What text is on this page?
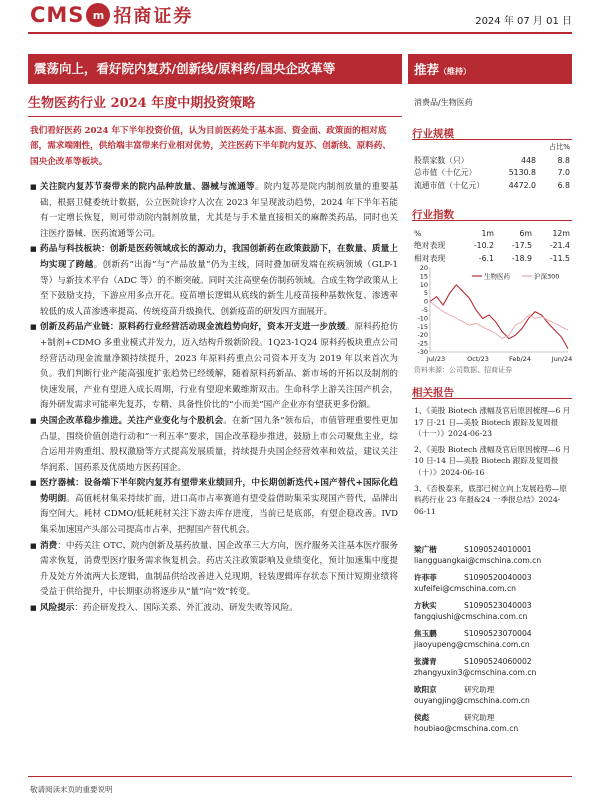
CMS m 招商证券	2024 年 07 月 01 日
震荡向上，看好院内复苏/创新线/原料药/国央企改革等	推荐（维持）
生物医药行业 2024 年度中期投资策略	消费品/生物医药
我们看好医药 2024 年下半年投资价值，认为目前医药处于基本面、资金面、政策面的相对底部，需求端刚性，供给端丰富带来行业相对优势，关注医药下半年院内复苏、创新线、原料药、国央企改革等板块。
■ 关注院内复苏节奏带来的院内品种放量、器械与流通等。院内复苏是院内制剂放量的重要基础，根据卫健委统计数据，公立医院诊疗人次在 2023 年呈现波动趋势，2024 年下半年若能有一定增长恢复，则可带动院内制剂放量，尤其是与手术量直接相关的麻醉类药品，同时也关注医疗器械、医药流通等公司。

■ 药品与科技板块：创新是医药领域成长的源动力，我国创新药在政策鼓励下，在数量、质量上均实现了跨越。创新药“出海”与“产品放量”仍为主线，同时叠加研发端在疾病领域（GLP-1 等）与新技术平台（ADC 等）的不断突破。同时关注高壁垒仿制药领域。合成生物学政策从上至下鼓励支持，下游应用多点开花。疫苗增长逻辑从底线的新生儿疫苗接种基数恢复、渗透率较低的成人苗渗透率提高、传统疫苗升级换代、创新疫苗的研发四方面展开。

■ 创新及药品产业链：原料药行业经营活动现金流趋势向好，资本开支进一步放缓。原料药抢仿+制剂+CDMO 多重业模式并发力，迈入结构升级新阶段。1Q23-1Q24 原料药板块重点公司经营活动现金流量净额持续提升，2023 年原料药重点公司资本开支为 2019 年以来首次为负。我们判断行业产能高强度扩张趋势已经缓解，随着原料药新品、新市场的开拓以及制剂的快速发展，产业有望进入成长周期，行业有望迎来戴维斯双击。生命科学上游关注国产机会，海外研发需求可能率先复苏，专精、具备性价比的“小而美”国产企业亦有望获更多份额。

■ 央国企改革稳步推进。关注产业变化与个股机会。在新“国九条”领布后，市值管理重要性更加凸显，围绕价值创造行动和“一利五率”要求，国企改革稳步推进，鼓励上市公司聚焦主业，综合运用并购重组、股权激励等方式提高发展质量，持续提升央国企经营效率和效益，建议关注华润系、国药系及优质地方医药国企。

■ 医疗器械：设备端下半年院内复苏有望带来业绩回升，中长期创新迭代+国产替代+国际化趋势明朗。高值耗材集采持续扩面，进口高市占率赛道有望受益借助集采实现国产替代，品牌出海空间大。耗材 CDMO/低耗耗材关注下游去库存进度，当前已是底部，有望企稳改善。IVD 集采加速国产头部公司提高市占率，把握国产替代机会。

■ 消费：中药关注 OTC、院内创新及基药放量、国企改革三大方向，医疗服务关注基本医疗服务需求恢复，消费型医疗服务需求恢复机会。药店关注政策影响及业绩变化，预计加速集中度提升及处方外流两大长逻辑，血制品供给改善进入兑现期，轻装逻辑库存状态下预计短期业绩将受益于供给提升，中长期驱动将逐步从“量”向“效”转变。

■ 风险提示：药企研发投入、国际关系、外汇波动、研发失败等风险。

行业规模
占比%
股票家数（只）	448	8.8
总市值（十亿元）	5130.8	7.0
流通市值（十亿元）	4472.0	6.8
行业指数
%	1m	6m	12m
绝对表现	-10.2	-17.5	-21.4
相对表现	-6.1	-18.9	-11.5
-30
-25
-20
-15
-10
-5
0
5
10
15
20
Jul/23	Oct/23	Feb/24	Jun/24
生物医药	沪深300
资料来源：公司数据、招商证券
相关报告
1、《美股 Biotech 涨幅及官后原因梳理—6 月 17 日-21 日—美股 Biotech 跟踪及复周报（十一）》2024-06-23
2、《美股 Biotech 涨幅及官后原因梳理—6 月 10 日-14 日—美股 Biotech 跟踪及复周报（十）》2024-06-16
3、《否极泰来，底部已树立向上发展趋势—原料药行业 23 年报&24 一季报总结》2024-06-11
梁广楷	S1090524010001
liangguangkai@cmschina.com.cn
许菲菲	S1090520040003
xufeifei@cmschina.com.cn
方秋实	S1090523040003
fangqiushi@cmschina.com.cn
焦玉鹏	S1090523070004
jiaoyupeng@cmschina.com.cn
张潇青	S1090524060002
zhangyuxin3@cmschina.com.cn
欧阳京	研究助理
ouyangjing@cmschina.com.cn
侯彪	研究助理
houbiao@cmschina.com.cn
敬请阅读末页的重要说明
